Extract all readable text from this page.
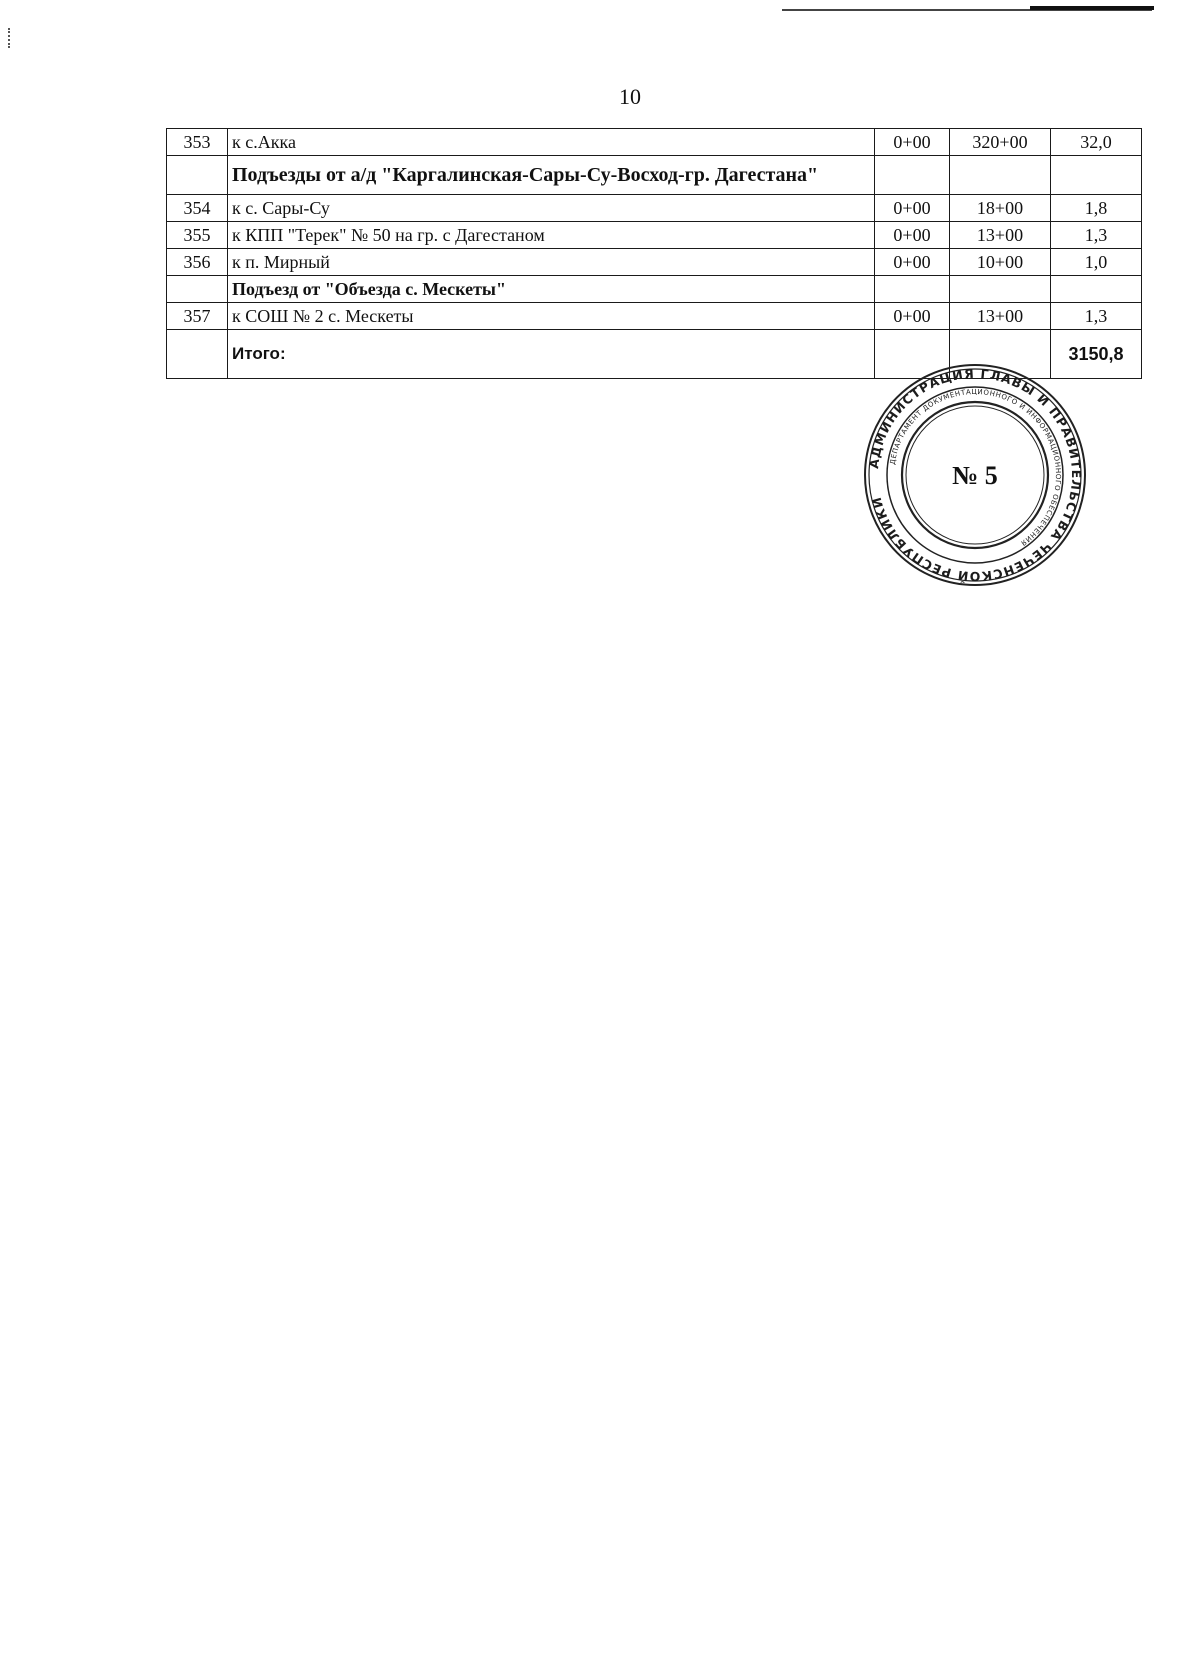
10
353	к с.Акка	0+00	320+00	32,0
	Подъезды от а/д "Каргалинская-Сары-Су-Восход-гр. Дагестана"			
354	к с. Сары-Су	0+00	18+00	1,8
355	к КПП "Терек" № 50 на гр. с Дагестаном	0+00	13+00	1,3
356	к п. Мирный	0+00	10+00	1,0
	Подъезд от "Объезда с. Мескеты"			
357	к СОШ № 2 с. Мескеты	0+00	13+00	1,3
	Итого:			3150,8
АДМИНИСТРАЦИЯ ГЛАВЫ И ПРАВИТЕЛЬСТВА ЧЕЧЕНСКОЙ РЕСПУБЛИКИ
ДЕПАРТАМЕНТ ДОКУМЕНТАЦИОННОГО И ИНФОРМАЦИОННОГО ОБЕСПЕЧЕНИЯ
№ 5
